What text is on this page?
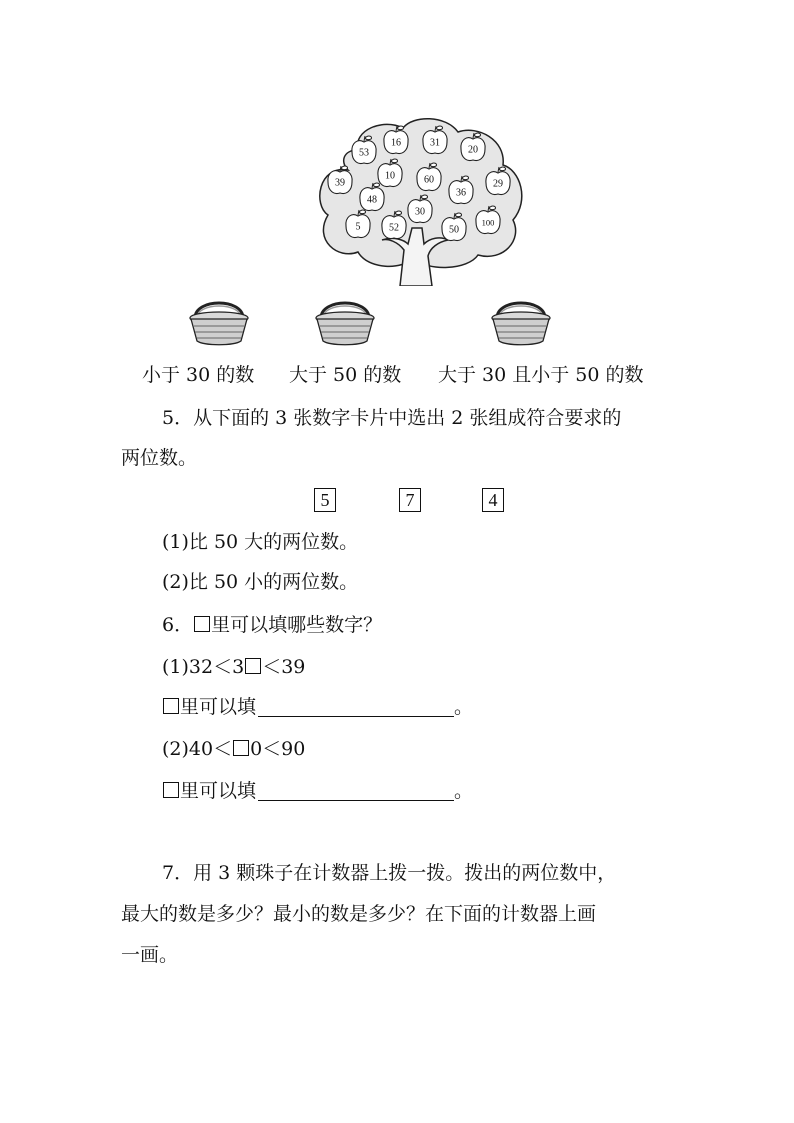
53
16	31
20
39
10	60
36
29
48
30
5	52	50
100
小于 30 的数 大于 50 的数 大于 30 且小于 50 的数
5．从下面的 3 张数字卡片中选出 2 张组成符合要求的
两位数。
5	7	4
(1)比 50 大的两位数。
(2)比 50 小的两位数。
6． 里可以填哪些数字？
(1)32＜3 ＜39
里可以填	。
(2)40＜ 0＜90
里可以填	。
7．用 3 颗珠子在计数器上拨一拨。拨出的两位数中，
最大的数是多少？最小的数是多少？在下面的计数器上画
一画。
